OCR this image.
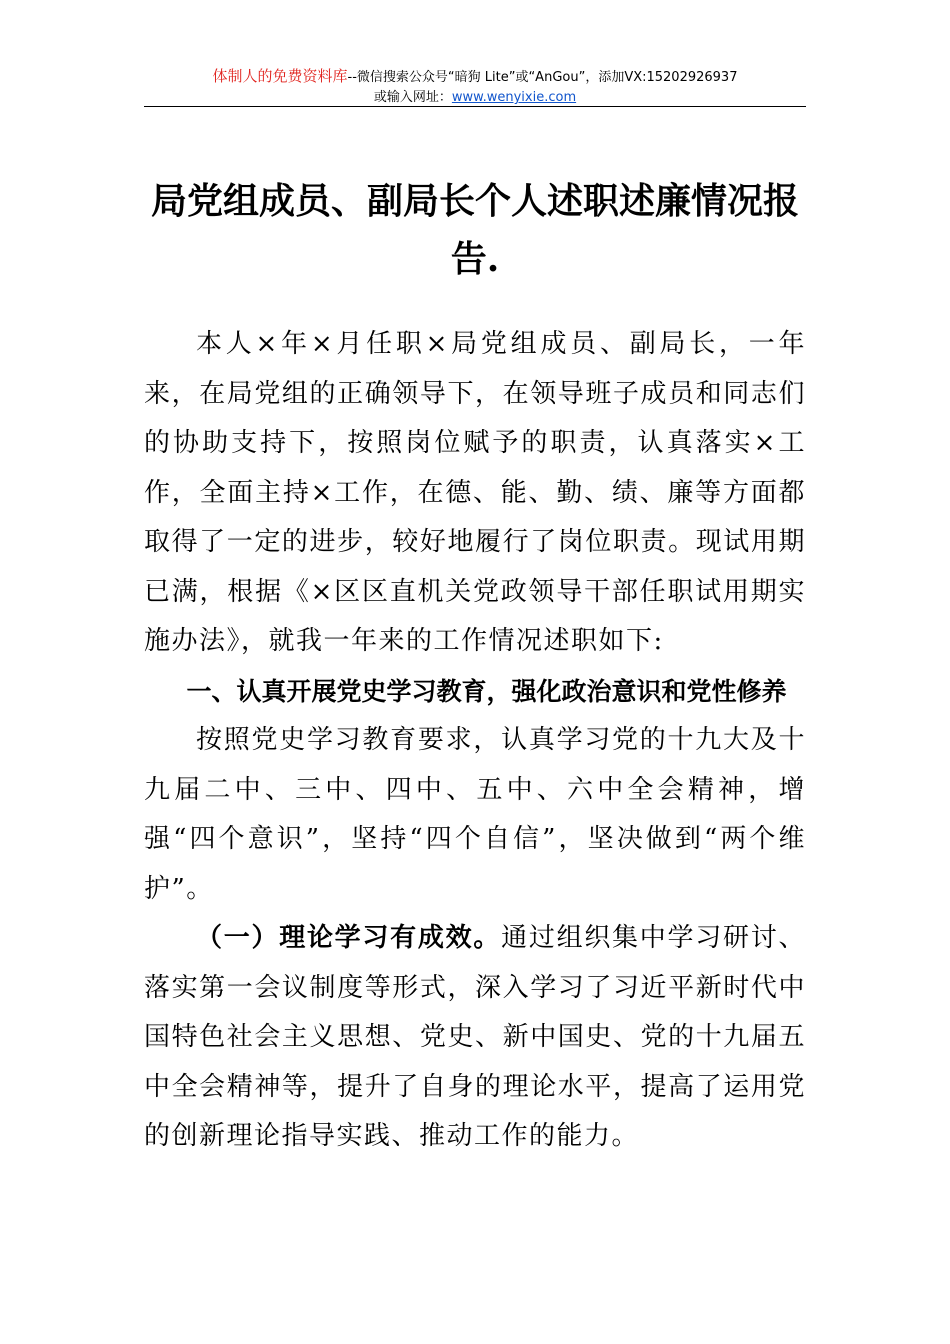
体制人的免费资料库--微信搜索公众号“暗狗 Lite”或“AnGou”，添加VX:15202926937
或输入网址：www.wenyixie.com
局党组成员、副局长个人述职述廉情况报告.

本人×年×月任职×局党组成员、副局长，一年来，在局党组的正确领导下，在领导班子成员和同志们的协助支持下，按照岗位赋予的职责，认真落实×工作，全面主持×工作，在德、能、勤、绩、廉等方面都取得了一定的进步，较好地履行了岗位职责。现试用期已满，根据《×区区直机关党政领导干部任职试用期实施办法》，就我一年来的工作情况述职如下:

一、认真开展党史学习教育，强化政治意识和党性修养

按照党史学习教育要求，认真学习党的十九大及十九届二中、三中、四中、五中、六中全会精神，增强“四个意识”，坚持“四个自信”，坚决做到“两个维护”。

（一）理论学习有成效。通过组织集中学习研讨、落实第一会议制度等形式，深入学习了习近平新时代中国特色社会主义思想、党史、新中国史、党的十九届五中全会精神等，提升了自身的理论水平，提高了运用党的创新理论指导实践、推动工作的能力。
